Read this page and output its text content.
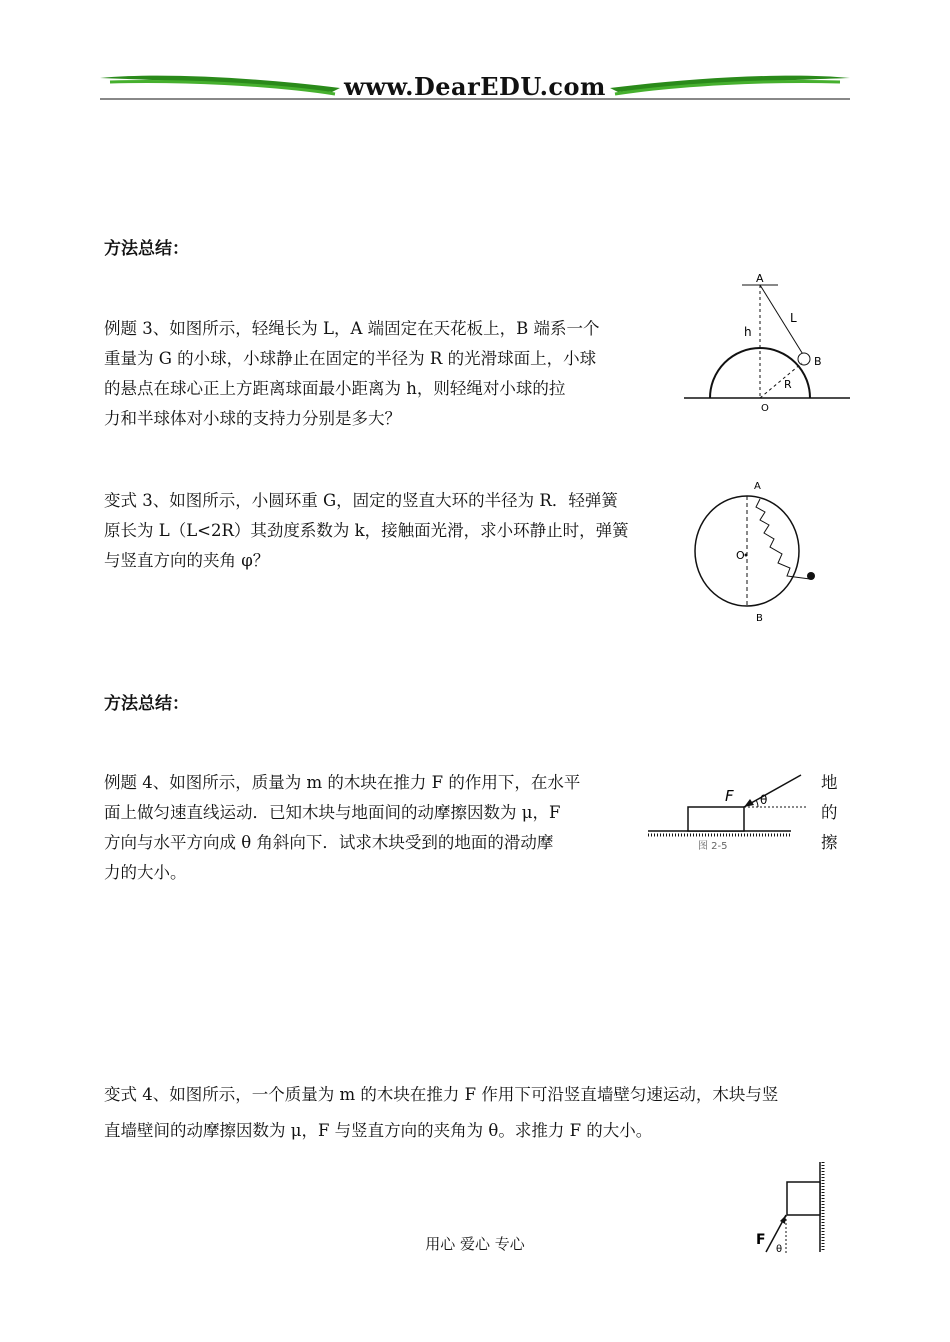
www.DearEDU.com
方法总结：
例题 3、如图所示，轻绳长为 L，A 端固定在天花板上，B 端系一个
重量为 G 的小球，小球静止在固定的半径为 R 的光滑球面上，小球
的悬点在球心正上方距离球面最小距离为 h，则轻绳对小球的拉
力和半球体对小球的支持力分别是多大？
A
h
L
B
R
O
变式 3、如图所示，小圆环重 G，固定的竖直大环的半径为 R．轻弹簧
原长为 L（L<2R）其劲度系数为 k，接触面光滑，求小环静止时，弹簧
与竖直方向的夹角 φ？
A
O
B
方法总结：
例题 4、如图所示，质量为 m 的木块在推力 F 的作用下，在水平
面上做匀速直线运动．已知木块与地面间的动摩擦因数为 μ，F
方向与水平方向成 θ 角斜向下．试求木块受到的地面的滑动摩
力的大小。
地
的
擦
F θ
图 2-5
变式 4、如图所示，一个质量为 m 的木块在推力 F 作用下可沿竖直墙壁匀速运动，木块与竖
直墙壁间的动摩擦因数为 μ，F 与竖直方向的夹角为 θ。求推力 F 的大小。
F
θ
用心 爱心 专心
